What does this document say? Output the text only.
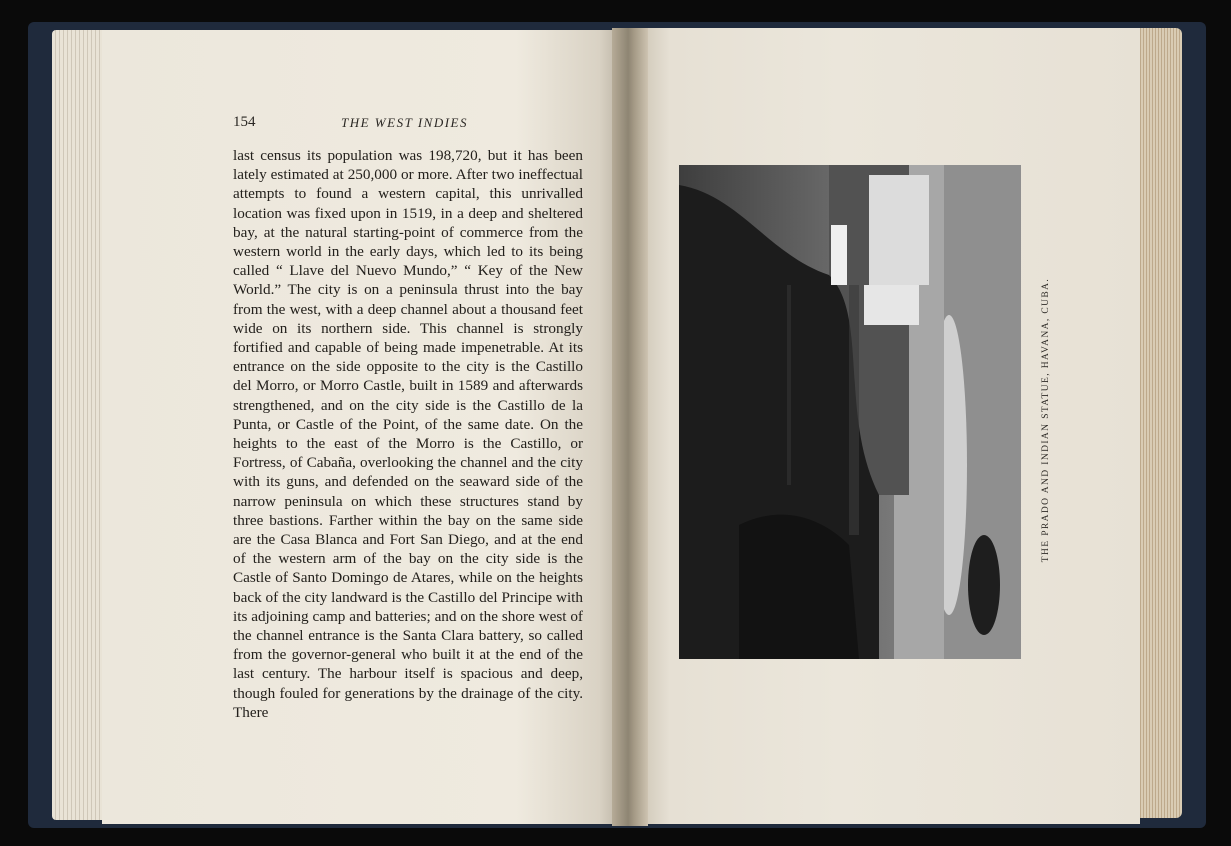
154	THE WEST INDIES

last census its population was 198,720, but it has been lately estimated at 250,000 or more. After two ineffectual attempts to found a western capital, this unrivalled location was fixed upon in 1519, in a deep and sheltered bay, at the natural starting-point of commerce from the western world in the early days, which led to its being called “ Llave del Nuevo Mundo,” “ Key of the New World.” The city is on a peninsula thrust into the bay from the west, with a deep channel about a thousand feet wide on its northern side. This channel is strongly fortified and capable of being made impenetrable. At its entrance on the side opposite to the city is the Castillo del Morro, or Morro Castle, built in 1589 and afterwards strengthened, and on the city side is the Castillo de la Punta, or Castle of the Point, of the same date. On the heights to the east of the Morro is the Castillo, or Fortress, of Cabaña, overlooking the channel and the city with its guns, and defended on the seaward side of the narrow peninsula on which these structures stand by three bastions. Farther within the bay on the same side are the Casa Blanca and Fort San Diego, and at the end of the western arm of the bay on the city side is the Castle of Santo Domingo de Atares, while on the heights back of the city landward is the Castillo del Principe with its adjoining camp and batteries; and on the shore west of the channel entrance is the Santa Clara battery, so called from the governor-general who built it at the end of the last century. The harbour itself is spacious and deep, though fouled for generations by the drainage of the city. There

THE PRADO AND INDIAN STATUE, HAVANA, CUBA.
